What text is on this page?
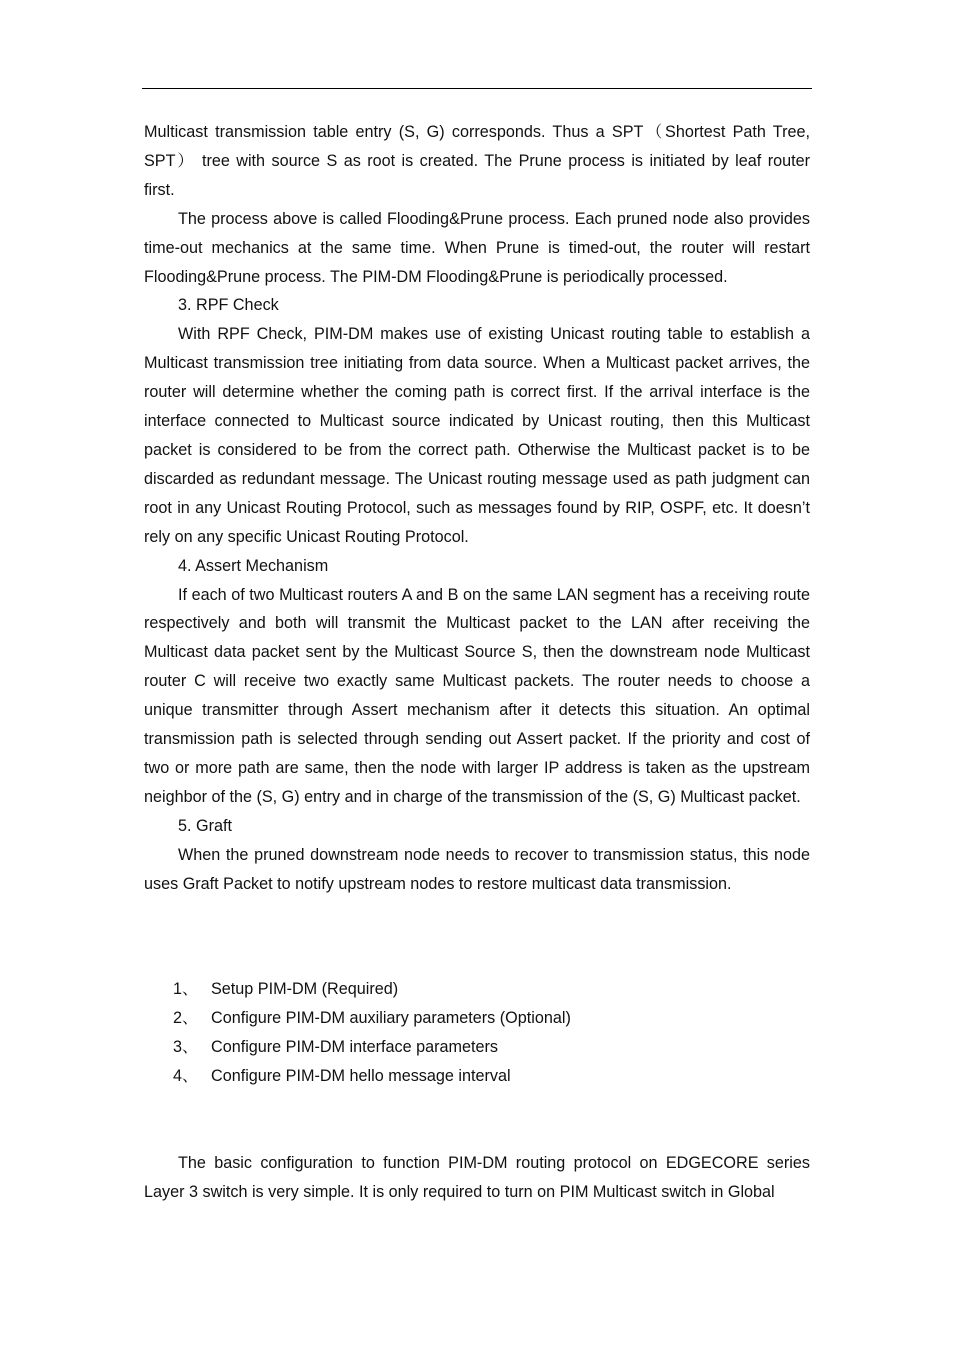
Multicast transmission table entry (S, G) corresponds. Thus a SPT（Shortest Path Tree, SPT） tree with source S as root is created. The Prune process is initiated by leaf router first.

The process above is called Flooding&Prune process. Each pruned node also provides time-out mechanics at the same time. When Prune is timed-out, the router will restart Flooding&Prune process. The PIM-DM Flooding&Prune is periodically processed.

3. RPF Check

With RPF Check, PIM-DM makes use of existing Unicast routing table to establish a Multicast transmission tree initiating from data source. When a Multicast packet arrives, the router will determine whether the coming path is correct first. If the arrival interface is the interface connected to Multicast source indicated by Unicast routing, then this Multicast packet is considered to be from the correct path. Otherwise the Multicast packet is to be discarded as redundant message. The Unicast routing message used as path judgment can root in any Unicast Routing Protocol, such as messages found by RIP, OSPF, etc. It doesn’t rely on any specific Unicast Routing Protocol.

4. Assert Mechanism

If each of two Multicast routers A and B on the same LAN segment has a receiving route respectively and both will transmit the Multicast packet to the LAN after receiving the Multicast data packet sent by the Multicast Source S, then the downstream node Multicast router C will receive two exactly same Multicast packets. The router needs to choose a unique transmitter through Assert mechanism after it detects this situation. An optimal transmission path is selected through sending out Assert packet. If the priority and cost of two or more path are same, then the node with larger IP address is taken as the upstream neighbor of the (S, G) entry and in charge of the transmission of the (S, G) Multicast packet.

5. Graft

When the pruned downstream node needs to recover to transmission status, this node uses Graft Packet to notify upstream nodes to restore multicast data transmission.

1、 Setup PIM-DM (Required)
2、 Configure PIM-DM auxiliary parameters (Optional)
3、 Configure PIM-DM interface parameters
4、 Configure PIM-DM hello message interval

The basic configuration to function PIM-DM routing protocol on EDGECORE series Layer 3 switch is very simple. It is only required to turn on PIM Multicast switch in Global
